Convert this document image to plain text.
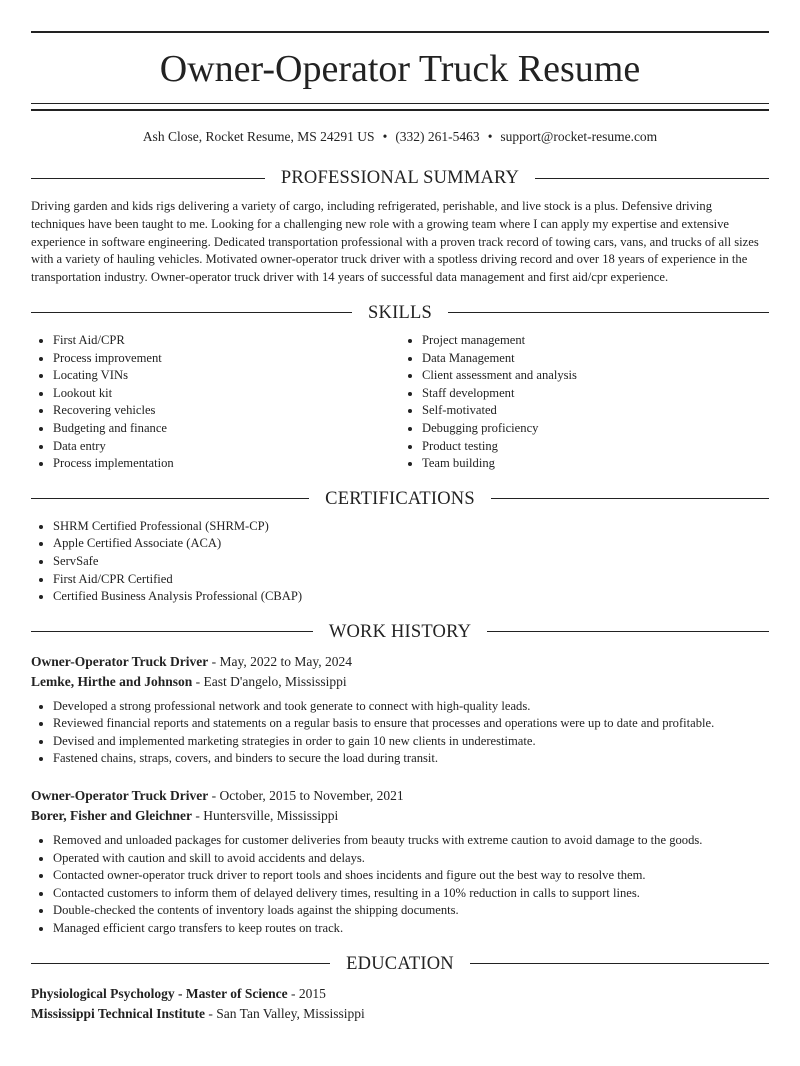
Owner-Operator Truck Resume
Ash Close, Rocket Resume, MS 24291 US • (332) 261-5463 • support@rocket-resume.com
PROFESSIONAL SUMMARY
Driving garden and kids rigs delivering a variety of cargo, including refrigerated, perishable, and live stock is a plus. Defensive driving techniques have been taught to me. Looking for a challenging new role with a growing team where I can apply my expertise and extensive experience in software engineering. Dedicated transportation professional with a proven track record of towing cars, vans, and trucks of all sizes with a variety of hauling vehicles. Motivated owner-operator truck driver with a spotless driving record and over 18 years of experience in the transportation industry. Owner-operator truck driver with 14 years of successful data management and first aid/cpr experience.
SKILLS
• First Aid/CPR
• Process improvement
• Locating VINs
• Lookout kit
• Recovering vehicles
• Budgeting and finance
• Data entry
• Process implementation
• Project management
• Data Management
• Client assessment and analysis
• Staff development
• Self-motivated
• Debugging proficiency
• Product testing
• Team building
CERTIFICATIONS
• SHRM Certified Professional (SHRM-CP)
• Apple Certified Associate (ACA)
• ServSafe
• First Aid/CPR Certified
• Certified Business Analysis Professional (CBAP)
WORK HISTORY
Owner-Operator Truck Driver - May, 2022 to May, 2024
Lemke, Hirthe and Johnson - East D'angelo, Mississippi
• Developed a strong professional network and took generate to connect with high-quality leads.
• Reviewed financial reports and statements on a regular basis to ensure that processes and operations were up to date and profitable.
• Devised and implemented marketing strategies in order to gain 10 new clients in underestimate.
• Fastened chains, straps, covers, and binders to secure the load during transit.
Owner-Operator Truck Driver - October, 2015 to November, 2021
Borer, Fisher and Gleichner - Huntersville, Mississippi
• Removed and unloaded packages for customer deliveries from beauty trucks with extreme caution to avoid damage to the goods.
• Operated with caution and skill to avoid accidents and delays.
• Contacted owner-operator truck driver to report tools and shoes incidents and figure out the best way to resolve them.
• Contacted customers to inform them of delayed delivery times, resulting in a 10% reduction in calls to support lines.
• Double-checked the contents of inventory loads against the shipping documents.
• Managed efficient cargo transfers to keep routes on track.
EDUCATION
Physiological Psychology - Master of Science - 2015
Mississippi Technical Institute - San Tan Valley, Mississippi
